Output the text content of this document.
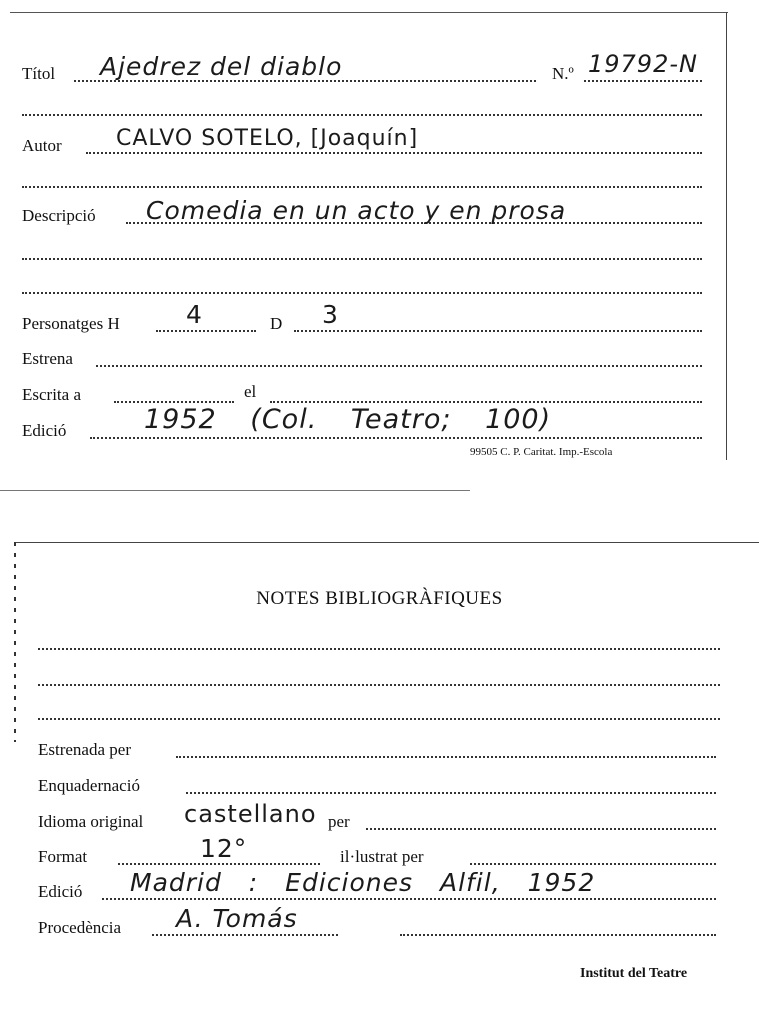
Títol Ajedrez del diablo	N.º 19792-N
Autor CALVO SOTELO, [Joaquín]
Descripció Comedia en un acto y en prosa
Personatges H	4	D 3
Estrena
Escrita a	el
Edició	1952 (Col. Teatro; 100)
99505 C. P. Caritat. Imp.-Escola
NOTES BIBLIOGRÀFIQUES
Estrenada per
Enquadernació
Idioma original castellano per
Format	12°	il·lustrat per
Edició Madrid : Ediciones Alfil, 1952
Procedència A. Tomás
Institut del Teatre
